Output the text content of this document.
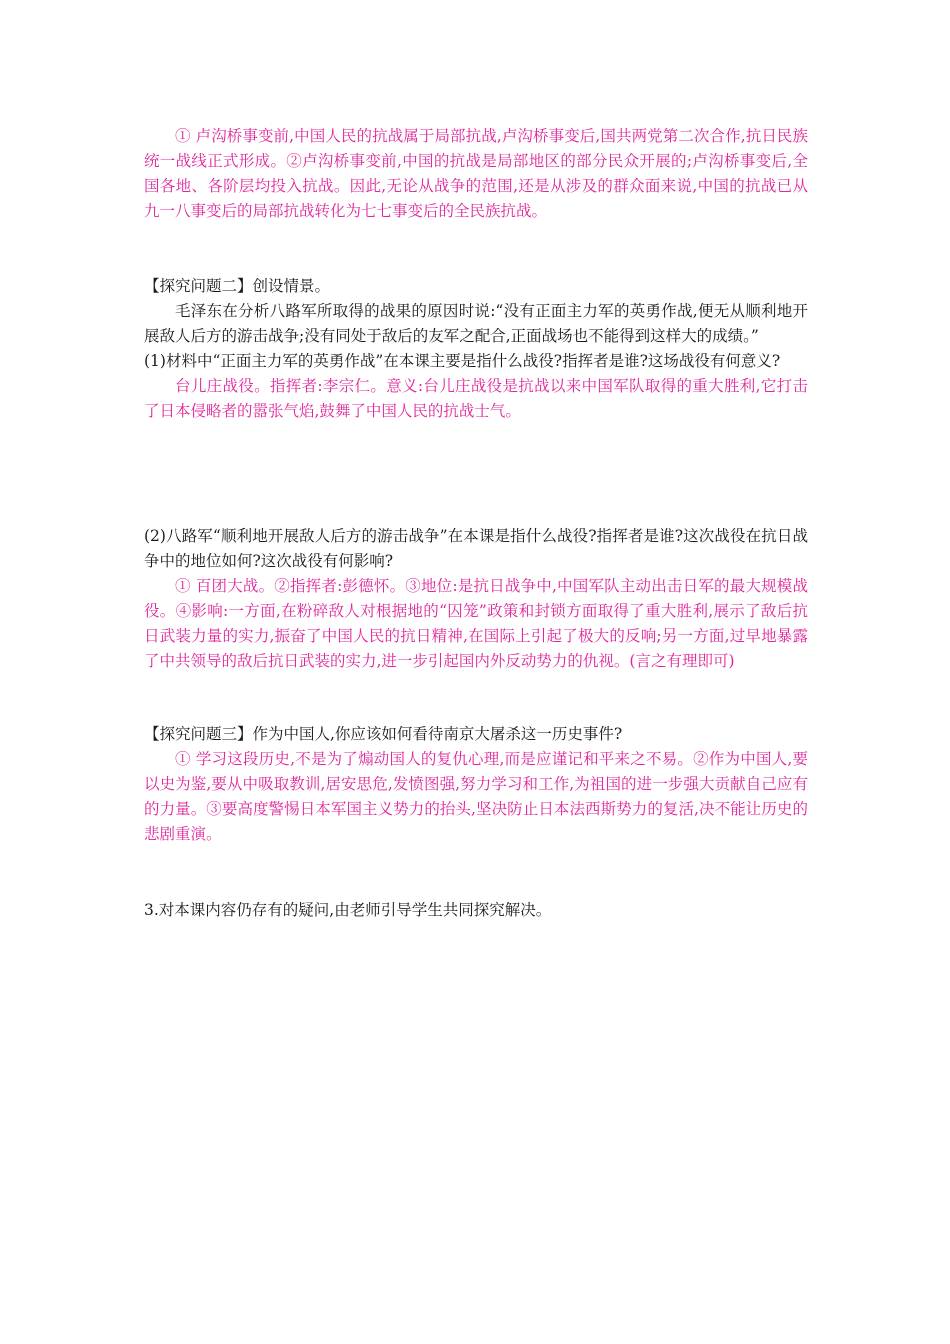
① 卢沟桥事变前,中国人民的抗战属于局部抗战,卢沟桥事变后,国共两党第二次合作,抗日民族统一战线正式形成。②卢沟桥事变前,中国的抗战是局部地区的部分民众开展的;卢沟桥事变后,全国各地、各阶层均投入抗战。因此,无论从战争的范围,还是从涉及的群众面来说,中国的抗战已从九一八事变后的局部抗战转化为七七事变后的全民族抗战。

【探究问题二】创设情景。

毛泽东在分析八路军所取得的战果的原因时说:“没有正面主力军的英勇作战,便无从顺利地开展敌人后方的游击战争;没有同处于敌后的友军之配合,正面战场也不能得到这样大的成绩。”

(1)材料中“正面主力军的英勇作战”在本课主要是指什么战役?指挥者是谁?这场战役有何意义?

台儿庄战役。指挥者:李宗仁。意义:台儿庄战役是抗战以来中国军队取得的重大胜利,它打击了日本侵略者的嚣张气焰,鼓舞了中国人民的抗战士气。

(2)八路军“顺利地开展敌人后方的游击战争”在本课是指什么战役?指挥者是谁?这次战役在抗日战争中的地位如何?这次战役有何影响?

① 百团大战。②指挥者:彭德怀。③地位:是抗日战争中,中国军队主动出击日军的最大规模战役。④影响:一方面,在粉碎敌人对根据地的“囚笼”政策和封锁方面取得了重大胜利,展示了敌后抗日武装力量的实力,振奋了中国人民的抗日精神,在国际上引起了极大的反响;另一方面,过早地暴露了中共领导的敌后抗日武装的实力,进一步引起国内外反动势力的仇视。(言之有理即可)

【探究问题三】作为中国人,你应该如何看待南京大屠杀这一历史事件?

① 学习这段历史,不是为了煽动国人的复仇心理,而是应谨记和平来之不易。②作为中国人,要以史为鉴,要从中吸取教训,居安思危,发愤图强,努力学习和工作,为祖国的进一步强大贡献自己应有的力量。③要高度警惕日本军国主义势力的抬头,坚决防止日本法西斯势力的复活,决不能让历史的悲剧重演。

3.对本课内容仍存有的疑问,由老师引导学生共同探究解决。
